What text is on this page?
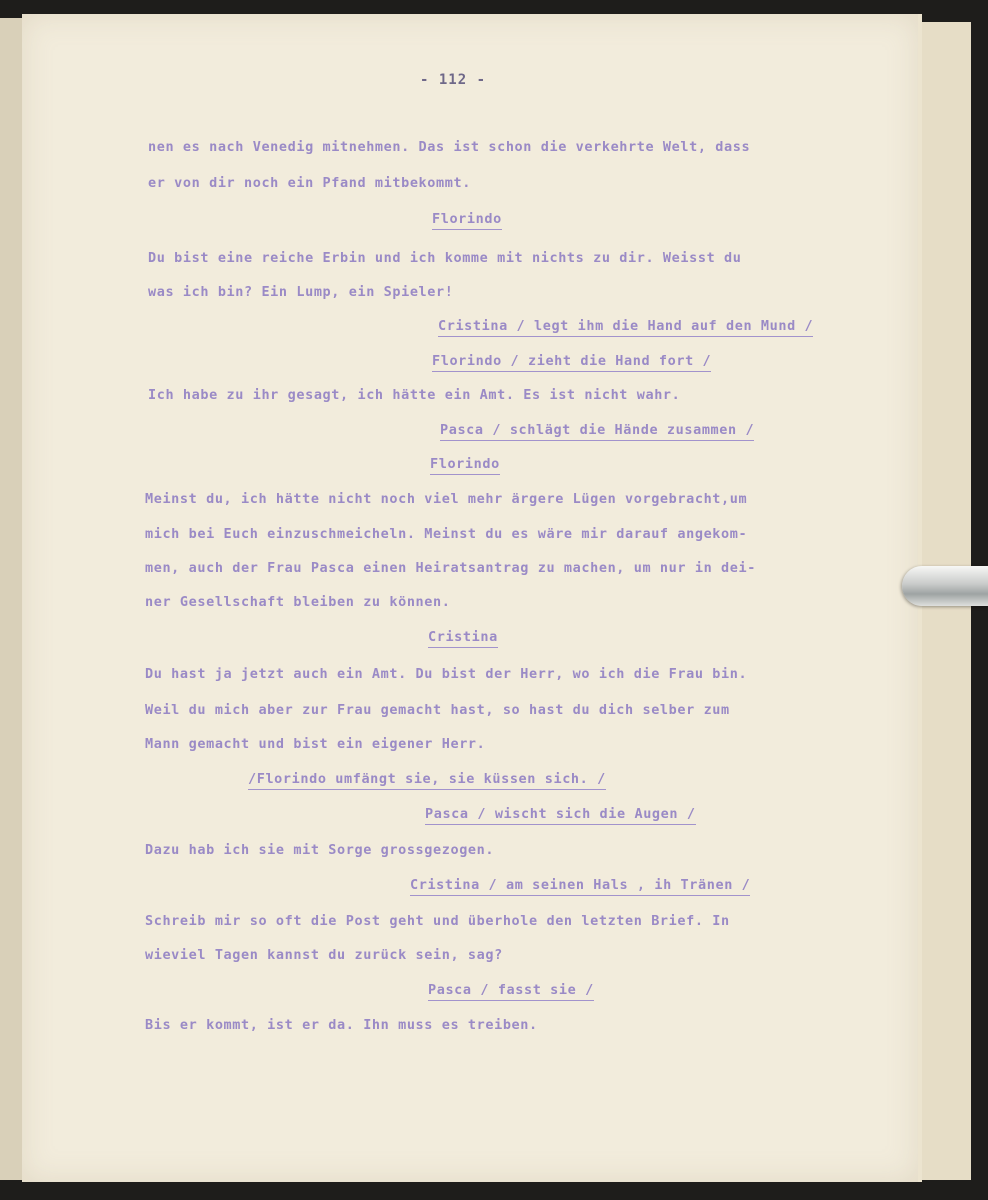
- 112 -
nen es nach Venedig mitnehmen. Das ist schon die verkehrte Welt, dass
er von dir noch ein Pfand mitbekommt.
Florindo
Du bist eine reiche Erbin und ich komme mit nichts zu dir. Weisst du
was ich bin? Ein Lump, ein Spieler!
Cristina / legt ihm die Hand auf den Mund /
Florindo / zieht die Hand fort /
Ich habe zu ihr gesagt, ich hätte ein Amt. Es ist nicht wahr.
Pasca / schlägt die Hände zusammen /
Florindo
Meinst du, ich hätte nicht noch viel mehr ärgere Lügen vorgebracht,um
mich bei Euch einzuschmeicheln. Meinst du es wäre mir darauf angekom-
men, auch der Frau Pasca einen Heiratsantrag zu machen, um nur in dei-
ner Gesellschaft bleiben zu können.
Cristina
Du hast ja jetzt auch ein Amt. Du bist der Herr, wo ich die Frau bin.
Weil du mich aber zur Frau gemacht hast, so hast du dich selber zum
Mann gemacht und bist ein eigener Herr.
/Florindo umfängt sie, sie küssen sich. /
Pasca / wischt sich die Augen /
Dazu hab ich sie mit Sorge grossgezogen.
Cristina / am seinen Hals , ih Tränen /
Schreib mir so oft die Post geht und überhole den letzten Brief. In
wieviel Tagen kannst du zurück sein, sag?
Pasca / fasst sie /
Bis er kommt, ist er da. Ihn muss es treiben.
